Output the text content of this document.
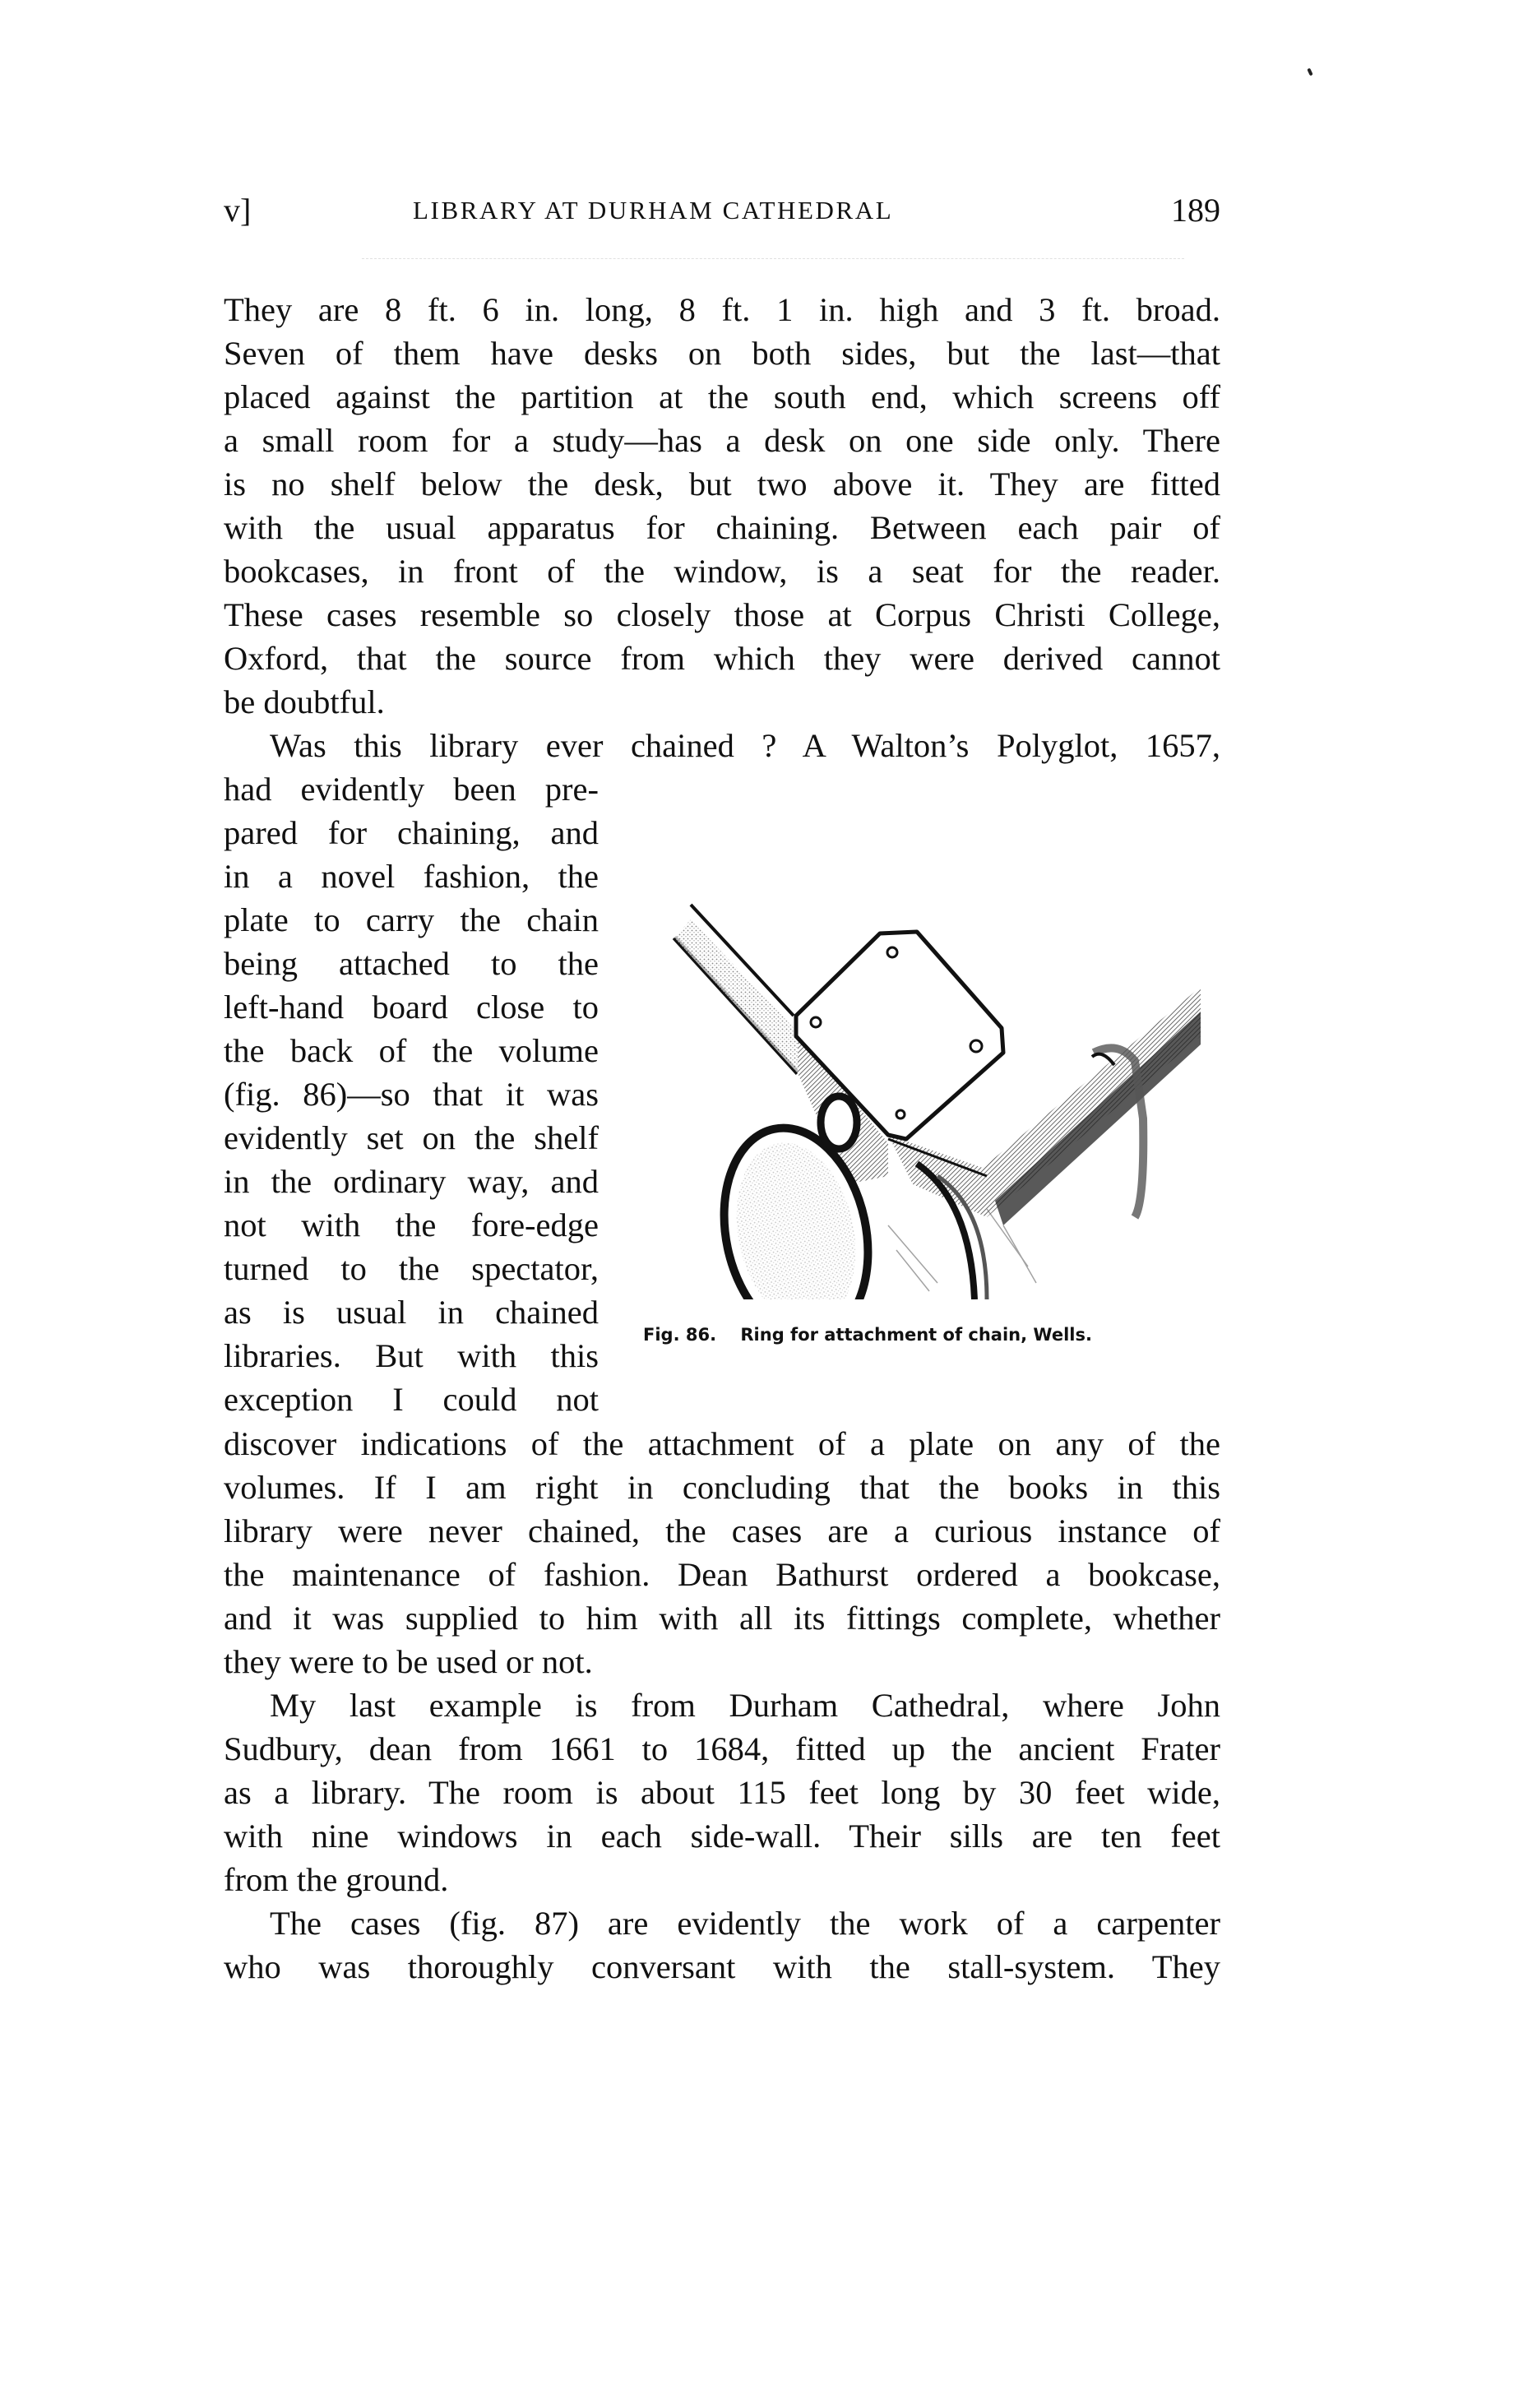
v]	LIBRARY AT DURHAM CATHEDRAL	189
They are 8 ft. 6 in. long, 8 ft. 1 in. high and 3 ft. broad.
Seven of them have desks on both sides, but the last—that
placed against the partition at the south end, which screens off
a small room for a study—has a desk on one side only. There
is no shelf below the desk, but two above it. They are fitted
with the usual apparatus for chaining. Between each pair of
bookcases, in front of the window, is a seat for the reader.
These cases resemble so closely those at Corpus Christi College,
Oxford, that the source from which they were derived cannot
be doubtful.
Was this library ever chained ? A Walton’s Polyglot, 1657,
had evidently been pre-
pared for chaining, and
in a novel fashion, the
plate to carry the chain
being attached to the
left-hand board close to
the back of the volume
(fig. 86)—so that it was
evidently set on the shelf
in the ordinary way, and
not with the fore-edge
turned to the spectator,
as is usual in chained
libraries. But with this
exception I could not
Fig. 86. Ring for attachment of chain, Wells.
discover indications of the attachment of a plate on any of the
volumes. If I am right in concluding that the books in this
library were never chained, the cases are a curious instance of
the maintenance of fashion. Dean Bathurst ordered a bookcase,
and it was supplied to him with all its fittings complete, whether
they were to be used or not.
My last example is from Durham Cathedral, where John
Sudbury, dean from 1661 to 1684, fitted up the ancient Frater
as a library. The room is about 115 feet long by 30 feet wide,
with nine windows in each side-wall. Their sills are ten feet
from the ground.
The cases (fig. 87) are evidently the work of a carpenter
who was thoroughly conversant with the stall-system. They
